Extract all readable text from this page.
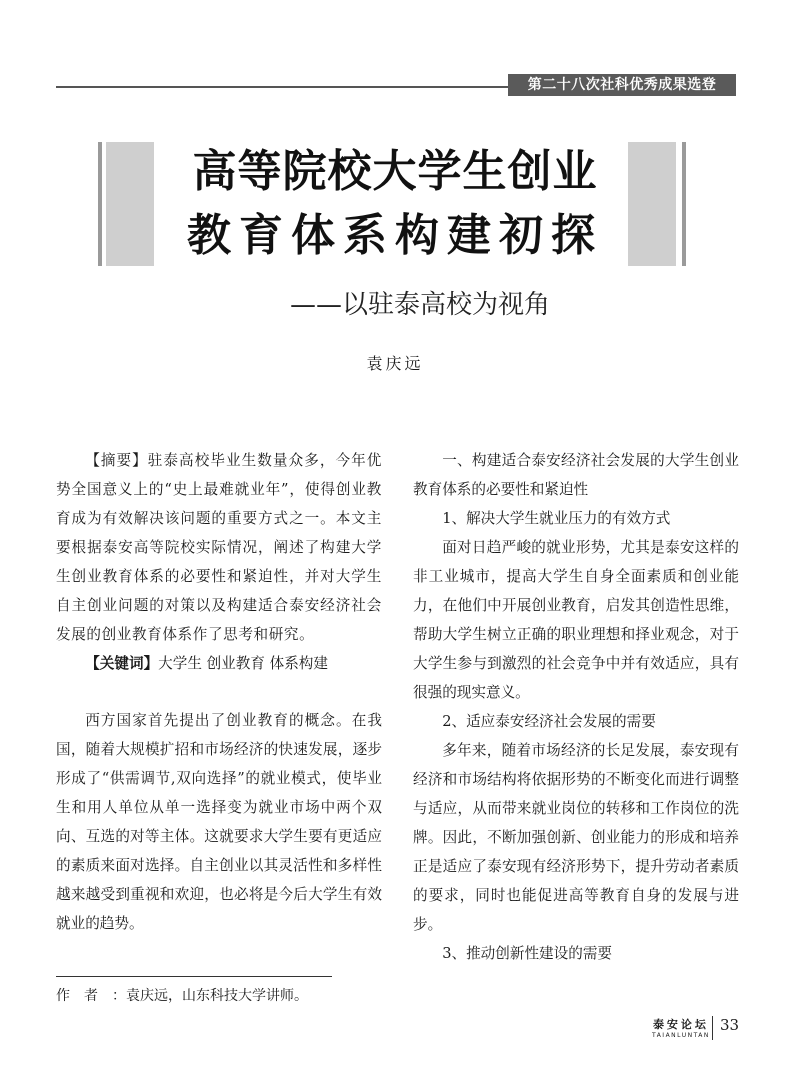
第二十八次社科优秀成果选登
高等院校大学生创业
教育体系构建初探
——以驻泰高校为视角
袁庆远

【摘要】驻泰高校毕业生数量众多，今年优势全国意义上的“史上最难就业年”，使得创业教育成为有效解决该问题的重要方式之一。本文主要根据泰安高等院校实际情况，阐述了构建大学生创业教育体系的必要性和紧迫性，并对大学生自主创业问题的对策以及构建适合泰安经济社会发展的创业教育体系作了思考和研究。

【关键词】大学生 创业教育 体系构建

西方国家首先提出了创业教育的概念。在我国，随着大规模扩招和市场经济的快速发展，逐步形成了“供需调节,双向选择”的就业模式，使毕业生和用人单位从单一选择变为就业市场中两个双向、互选的对等主体。这就要求大学生要有更适应的素质来面对选择。自主创业以其灵活性和多样性越来越受到重视和欢迎，也必将是今后大学生有效就业的趋势。

一、构建适合泰安经济社会发展的大学生创业教育体系的必要性和紧迫性

1、解决大学生就业压力的有效方式

面对日趋严峻的就业形势，尤其是泰安这样的非工业城市，提高大学生自身全面素质和创业能力，在他们中开展创业教育，启发其创造性思维，帮助大学生树立正确的职业理想和择业观念，对于大学生参与到激烈的社会竞争中并有效适应，具有很强的现实意义。

2、适应泰安经济社会发展的需要

多年来，随着市场经济的长足发展，泰安现有经济和市场结构将依据形势的不断变化而进行调整与适应，从而带来就业岗位的转移和工作岗位的洗牌。因此，不断加强创新、创业能力的形成和培养正是适应了泰安现有经济形势下，提升劳动者素质的要求，同时也能促进高等教育自身的发展与进步。

3、推动创新性建设的需要

作者：袁庆远，山东科技大学讲师。
泰安论坛
TAIANLUNTAN
33
